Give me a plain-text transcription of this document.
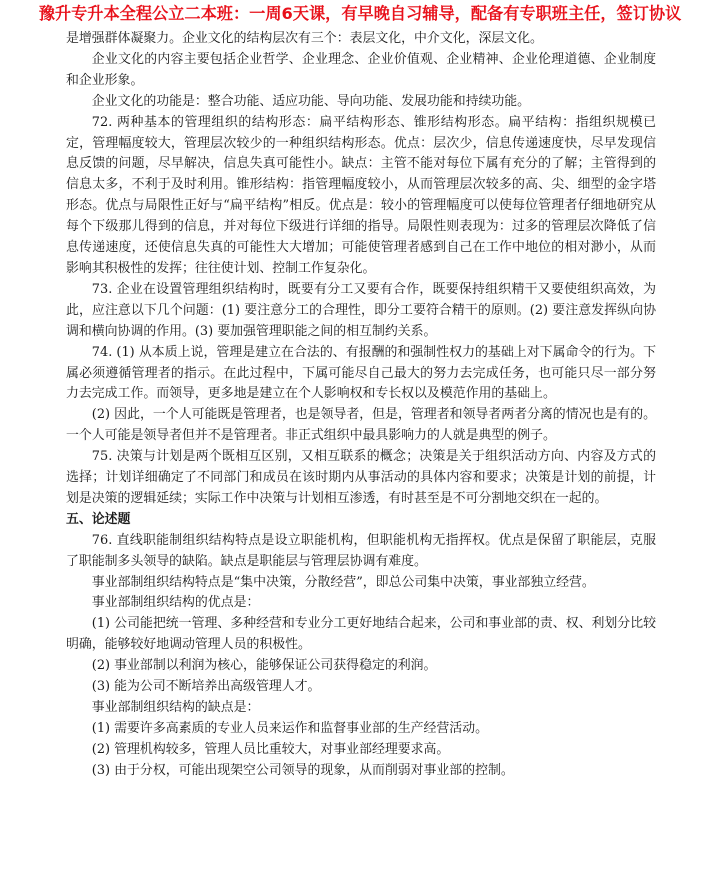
豫升专升本全程公立二本班：一周6天课，有早晚自习辅导，配备有专职班主任，签订协议

是增强群体凝聚力。企业文化的结构层次有三个：表层文化，中介文化，深层文化。

企业文化的内容主要包括企业哲学、企业理念、企业价值观、企业精神、企业伦理道德、企业制度和企业形象。

企业文化的功能是：整合功能、适应功能、导向功能、发展功能和持续功能。

72. 两种基本的管理组织的结构形态：扁平结构形态、锥形结构形态。扁平结构：指组织规模已定，管理幅度较大，管理层次较少的一种组织结构形态。优点：层次少，信息传递速度快，尽早发现信息反馈的问题，尽早解决，信息失真可能性小。缺点：主管不能对每位下属有充分的了解；主管得到的信息太多，不利于及时利用。锥形结构：指管理幅度较小，从而管理层次较多的高、尖、细型的金字塔形态。优点与局限性正好与“扁平结构”相反。优点是：较小的管理幅度可以使每位管理者仔细地研究从每个下级那儿得到的信息，并对每位下级进行详细的指导。局限性则表现为：过多的管理层次降低了信息传递速度，还使信息失真的可能性大大增加；可能使管理者感到自己在工作中地位的相对渺小，从而影响其积极性的发挥；往往使计划、控制工作复杂化。

73. 企业在设置管理组织结构时，既要有分工又要有合作，既要保持组织精干又要使组织高效，为此，应注意以下几个问题：(1) 要注意分工的合理性，即分工要符合精干的原则。(2) 要注意发挥纵向协调和横向协调的作用。(3) 要加强管理职能之间的相互制约关系。

74. (1) 从本质上说，管理是建立在合法的、有报酬的和强制性权力的基础上对下属命令的行为。下属必须遵循管理者的指示。在此过程中，下属可能尽自己最大的努力去完成任务，也可能只尽一部分努力去完成工作。而领导，更多地是建立在个人影响权和专长权以及模范作用的基础上。

(2) 因此，一个人可能既是管理者，也是领导者，但是，管理者和领导者两者分离的情况也是有的。一个人可能是领导者但并不是管理者。非正式组织中最具影响力的人就是典型的例子。

75. 决策与计划是两个既相互区别，又相互联系的概念；决策是关于组织活动方向、内容及方式的选择；计划详细确定了不同部门和成员在该时期内从事活动的具体内容和要求；决策是计划的前提，计划是决策的逻辑延续；实际工作中决策与计划相互渗透，有时甚至是不可分割地交织在一起的。

五、论述题

76. 直线职能制组织结构特点是设立职能机构，但职能机构无指挥权。优点是保留了职能层，克服了职能制多头领导的缺陷。缺点是职能层与管理层协调有难度。

事业部制组织结构特点是“集中决策，分散经营”，即总公司集中决策，事业部独立经营。

事业部制组织结构的优点是：

(1) 公司能把统一管理、多种经营和专业分工更好地结合起来，公司和事业部的责、权、利划分比较明确，能够较好地调动管理人员的积极性。

(2) 事业部制以利润为核心，能够保证公司获得稳定的利润。

(3) 能为公司不断培养出高级管理人才。

事业部制组织结构的缺点是：

(1) 需要许多高素质的专业人员来运作和监督事业部的生产经营活动。

(2) 管理机构较多，管理人员比重较大，对事业部经理要求高。

(3) 由于分权，可能出现架空公司领导的现象，从而削弱对事业部的控制。
